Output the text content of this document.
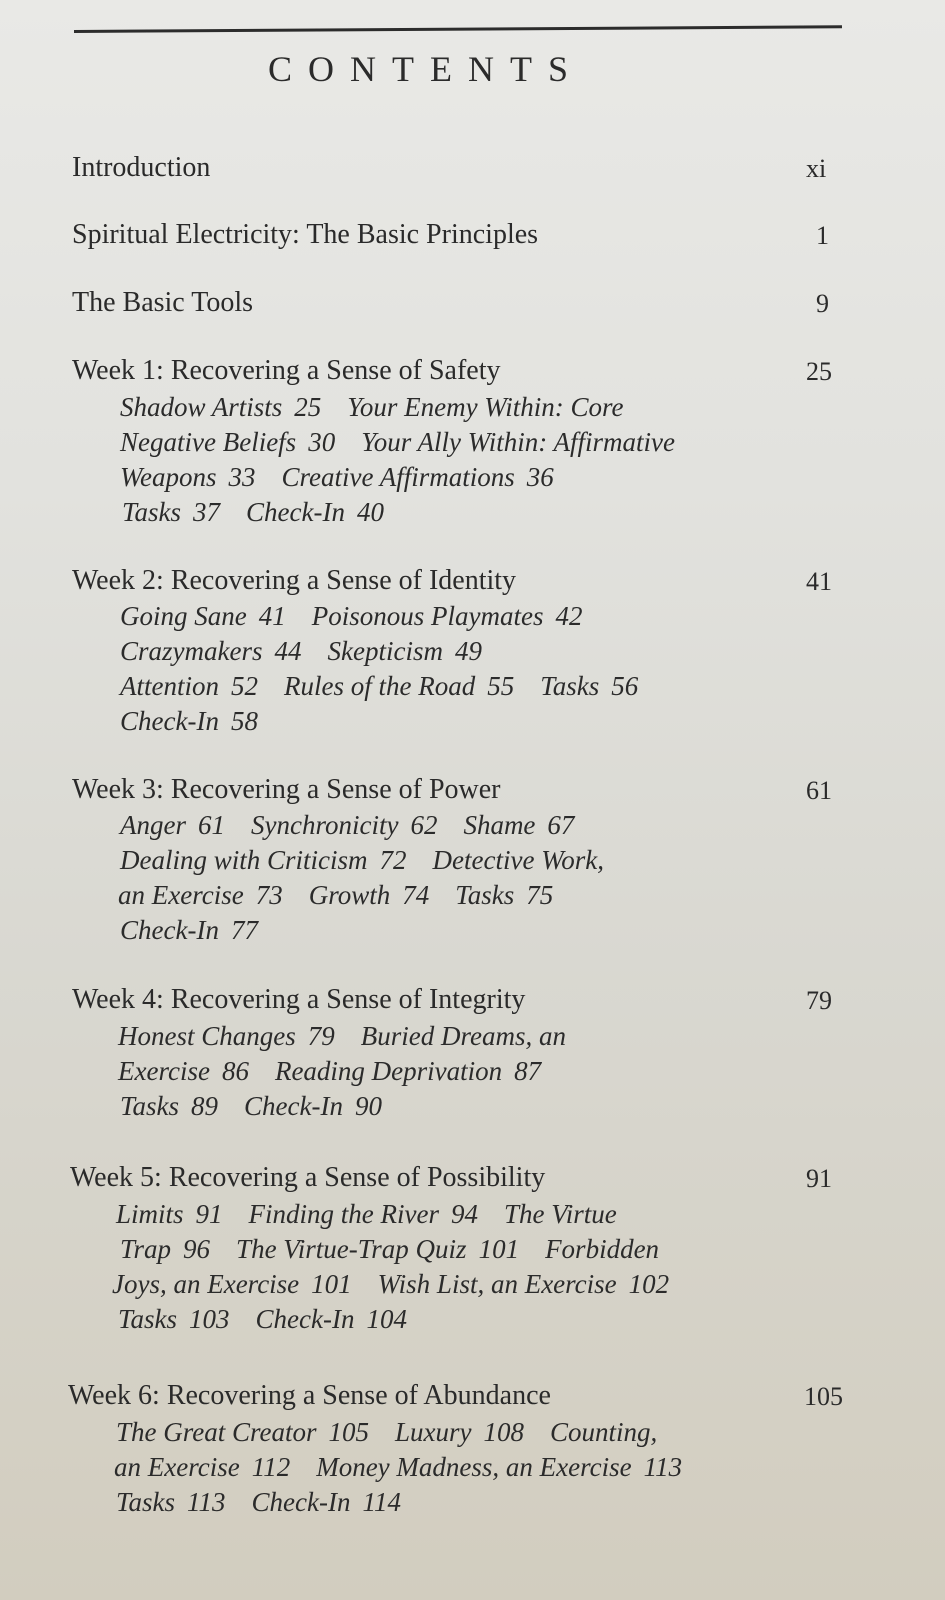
CONTENTS
Introduction	xi
Spiritual Electricity: The Basic Principles	1
The Basic Tools	9
Week 1: Recovering a Sense of Safety	25
Shadow Artists 25 Your Enemy Within: Core
Negative Beliefs 30 Your Ally Within: Affirmative
Weapons 33 Creative Affirmations 36
Tasks 37 Check-In 40
Week 2: Recovering a Sense of Identity	41
Going Sane 41 Poisonous Playmates 42
Crazymakers 44 Skepticism 49
Attention 52 Rules of the Road 55 Tasks 56
Check-In 58
Week 3: Recovering a Sense of Power	61
Anger 61 Synchronicity 62 Shame 67
Dealing with Criticism 72 Detective Work,
an Exercise 73 Growth 74 Tasks 75
Check-In 77
Week 4: Recovering a Sense of Integrity	79
Honest Changes 79 Buried Dreams, an
Exercise 86 Reading Deprivation 87
Tasks 89 Check-In 90
Week 5: Recovering a Sense of Possibility	91
Limits 91 Finding the River 94 The Virtue
Trap 96 The Virtue-Trap Quiz 101 Forbidden
Joys, an Exercise 101 Wish List, an Exercise 102
Tasks 103 Check-In 104
Week 6: Recovering a Sense of Abundance	105
The Great Creator 105 Luxury 108 Counting,
an Exercise 112 Money Madness, an Exercise 113
Tasks 113 Check-In 114
